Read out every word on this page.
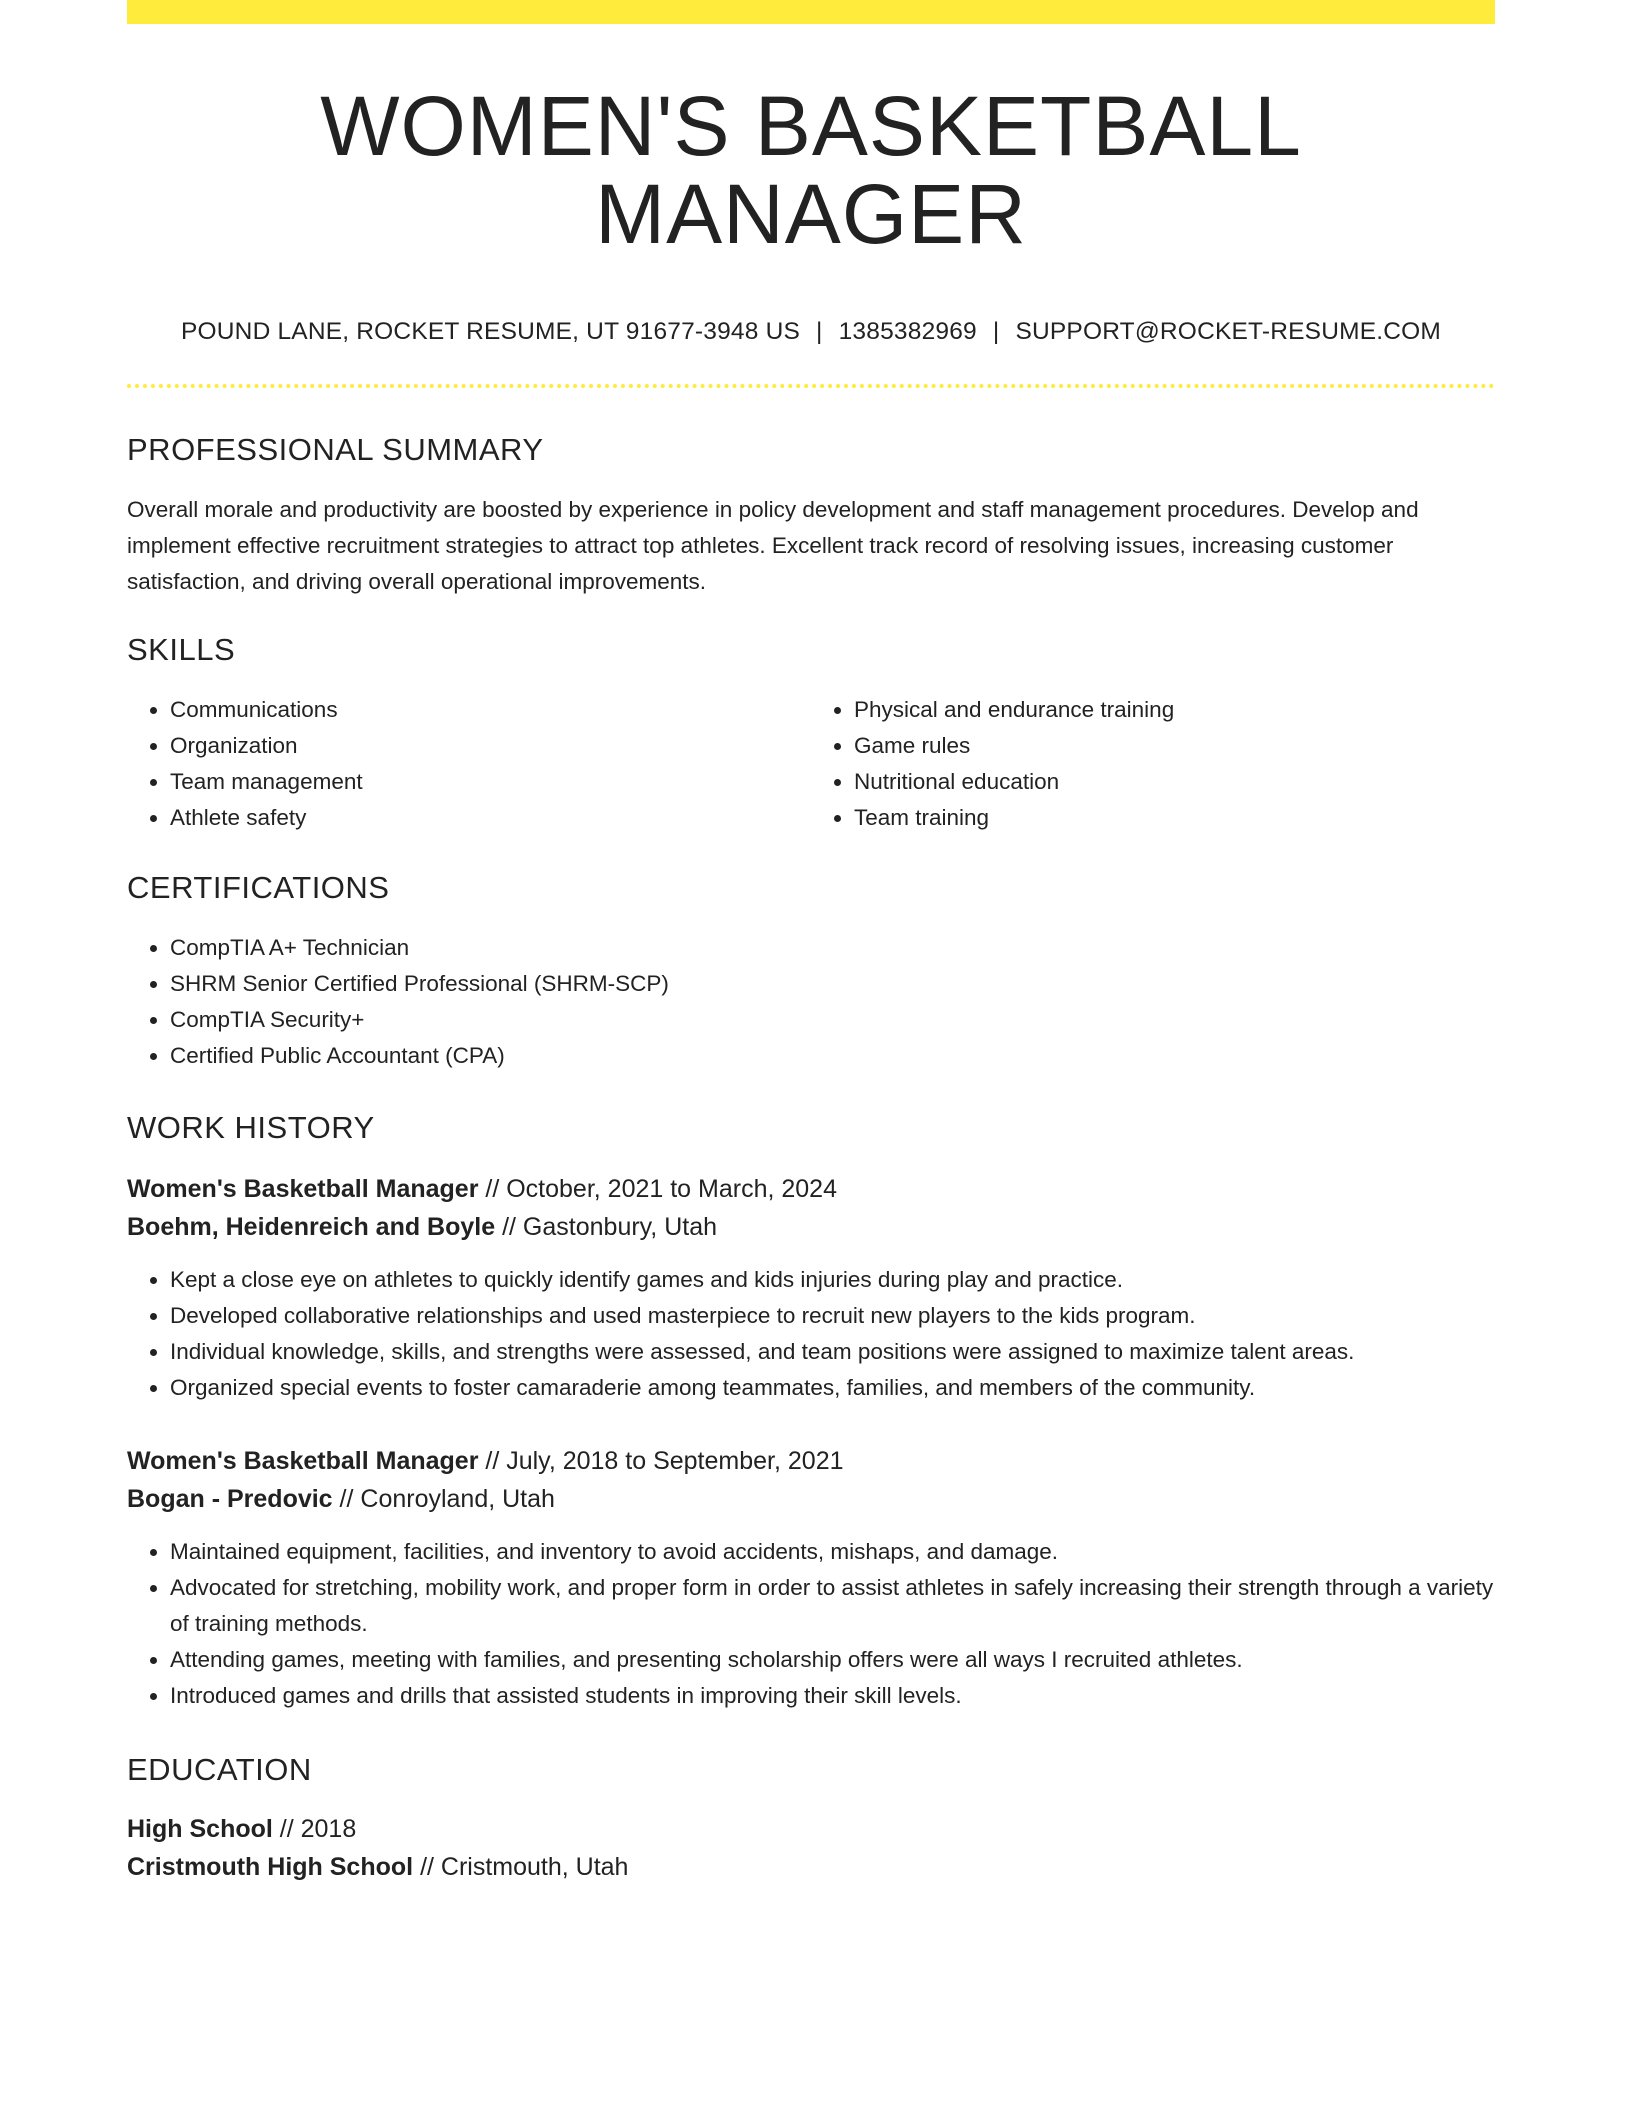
WOMEN'S BASKETBALL MANAGER
POUND LANE, ROCKET RESUME, UT 91677-3948 US | 1385382969 | SUPPORT@ROCKET-RESUME.COM
PROFESSIONAL SUMMARY
Overall morale and productivity are boosted by experience in policy development and staff management procedures. Develop and implement effective recruitment strategies to attract top athletes. Excellent track record of resolving issues, increasing customer satisfaction, and driving overall operational improvements.
SKILLS
• Communications
• Organization
• Team management
• Athlete safety
• Physical and endurance training
• Game rules
• Nutritional education
• Team training
CERTIFICATIONS
• CompTIA A+ Technician
• SHRM Senior Certified Professional (SHRM-SCP)
• CompTIA Security+
• Certified Public Accountant (CPA)
WORK HISTORY
Women's Basketball Manager // October, 2021 to March, 2024
Boehm, Heidenreich and Boyle // Gastonbury, Utah
• Kept a close eye on athletes to quickly identify games and kids injuries during play and practice.
• Developed collaborative relationships and used masterpiece to recruit new players to the kids program.
• Individual knowledge, skills, and strengths were assessed, and team positions were assigned to maximize talent areas.
• Organized special events to foster camaraderie among teammates, families, and members of the community.
Women's Basketball Manager // July, 2018 to September, 2021
Bogan - Predovic // Conroyland, Utah
• Maintained equipment, facilities, and inventory to avoid accidents, mishaps, and damage.
• Advocated for stretching, mobility work, and proper form in order to assist athletes in safely increasing their strength through a variety of training methods.
• Attending games, meeting with families, and presenting scholarship offers were all ways I recruited athletes.
• Introduced games and drills that assisted students in improving their skill levels.
EDUCATION
High School // 2018
Cristmouth High School // Cristmouth, Utah
